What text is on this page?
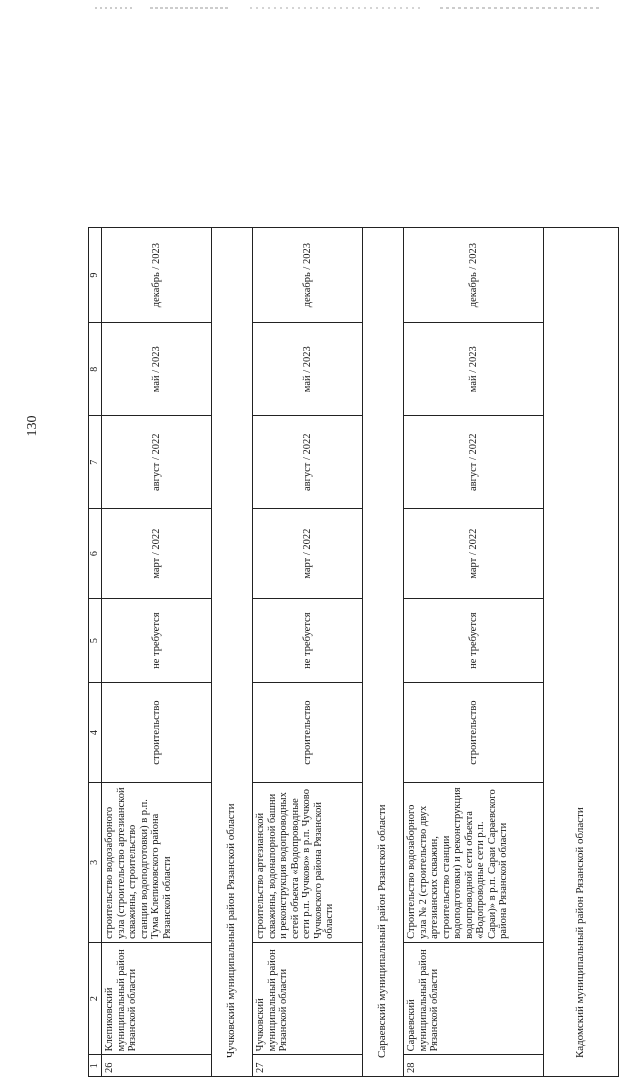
130
1	2	3	4	5	6	7	8	9
26	Клепиковский муниципальный район Рязанской области	строительство водозаборного узла (строительство артезианской скважины, строительство станции водоподготовки) в р.п. Тума Клепиковского района Рязанской области	строительство	не требуется	март / 2022	август / 2022	май / 2023	декабрь / 2023
Чучковский муниципальный район Рязанской области								
27	Чучковский муниципальный район Рязанской области	строительство артезианской скважины, водонапорной башни и реконструкция водопроводных сетей объекта «Водопроводные сети р.п. Чучково» в р.п. Чучково Чучковского района Рязанской области	строительство	не требуется	март / 2022	август / 2022	май / 2023	декабрь / 2023
Сараевский муниципальный район Рязанской области								
28	Сараевский муниципальный район Рязанской области	Строительство водозаборного узла № 2 (строительство двух артезианских скважин, строительство станции водоподготовки) и реконструкция водопроводной сети объекта «Водопроводные сети р.п. Сараи)» в р.п. Сараи Сараевского района Рязанской области	строительство	не требуется	март / 2022	август / 2022	май / 2023	декабрь / 2023
Кадомский муниципальный район Рязанской области								
